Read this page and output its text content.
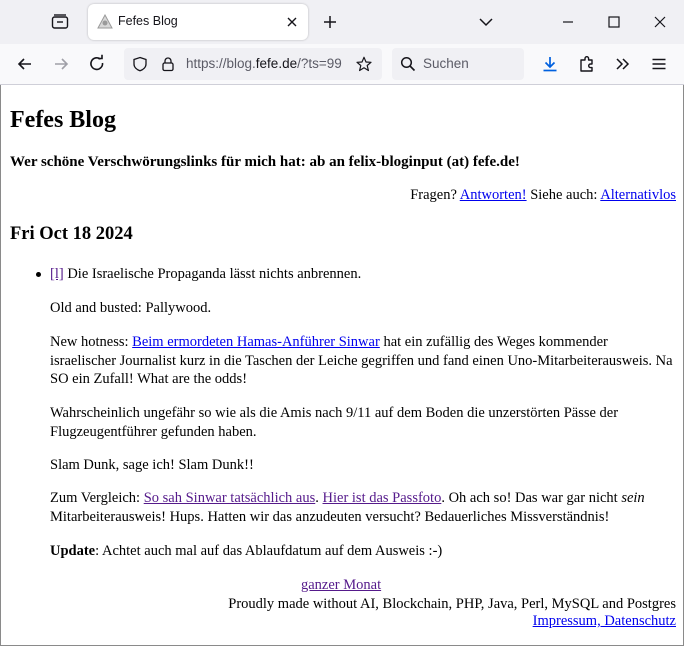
Fefes Blog
https://blog.fefe.de/?ts=99	Suchen
Fefes Blog

Wer schöne Verschwörungslinks für mich hat: ab an felix-bloginput (at) fefe.de!

Fragen? Antworten! Siehe auch: Alternativlos
Fri Oct 18 2024

[l] Die Israelische Propaganda lässt nichts anbrennen.

Old and busted: Pallywood.

New hotness: Beim ermordeten Hamas-Anführer Sinwar hat ein zufällig des Weges kommender israelischer Journalist kurz in die Taschen der Leiche gegriffen und fand einen Uno-Mitarbeiterausweis. Na SO ein Zufall! What are the odds!

Wahrscheinlich ungefähr so wie als die Amis nach 9/11 auf dem Boden die unzerstörten Pässe der Flugzeugentführer gefunden haben.

Slam Dunk, sage ich! Slam Dunk!!

Zum Vergleich: So sah Sinwar tatsächlich aus. Hier ist das Passfoto. Oh ach so! Das war gar nicht sein Mitarbeiterausweis! Hups. Hatten wir das anzudeuten versucht? Bedauerliches Missverständnis!

Update: Achtet auch mal auf das Ablaufdatum auf dem Ausweis :-)

ganzer Monat
Proudly made without AI, Blockchain, PHP, Java, Perl, MySQL and Postgres
Impressum, Datenschutz
